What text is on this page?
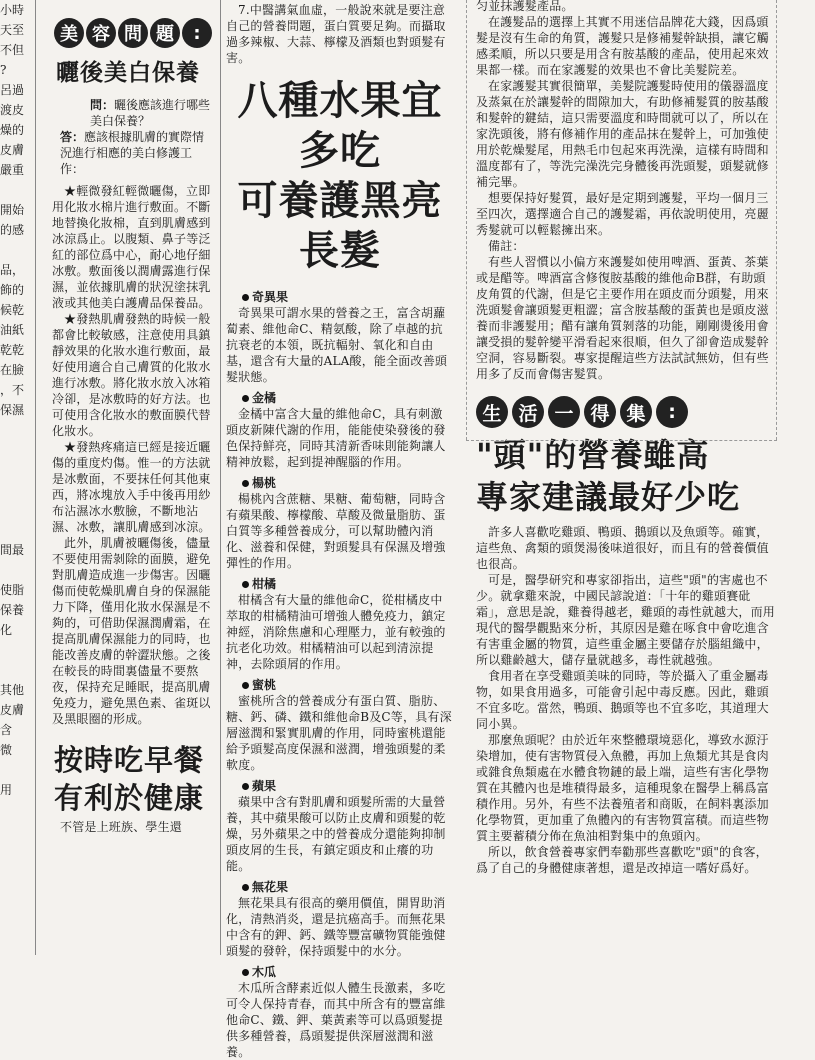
小時
天至
不但
?
呂過
渡皮
燥的
皮膚
嚴重

開始
的感

品，
飾的
候乾
油紙
乾乾
在臉
，不
保濕

間最

使脂
保養
化

其他
皮膚
含
微

用
美 容 問 題	:
曬後美白保養
問：曬後應該進行哪些美白保養？
答：應該根據肌膚的實際情況進行相應的美白修護工作：

★輕微發紅輕微曬傷，立即用化妝水棉片進行敷面。不斷地替換化妝棉，直到肌膚感到冰涼爲止。以腹類、鼻子等泛紅的部位爲中心，耐心地仔細冰敷。敷面後以潤膚露進行保濕，並依據肌膚的狀況塗抹乳液或其他美白護膚品保養品。

★發熱肌膚發熱的時候一般都會比較敏感，注意使用具鎮靜效果的化妝水進行敷面，最好使用適合自己膚質的化妝水進行冰敷。將化妝水放入冰箱冷卻，是冰敷時的好方法。也可使用含化妝水的敷面膜代替化妝水。

★發熱疼痛這已經是接近曬傷的重度灼傷。惟一的方法就是冰敷面，不要抹任何其他東西，將冰塊放入手中後再用紗布沾濕冰水敷臉，不斷地沾濕、冰敷，讓肌膚感到冰涼。

此外，肌膚被曬傷後，儘量不要使用需剝除的面膜，避免對肌膚造成進一步傷害。因曬傷而使乾燥肌膚自身的保濕能力下降，僅用化妝水保濕是不夠的，可借助保濕潤膚霜，在提高肌膚保濕能力的同時，也能改善皮膚的幹澀狀態。之後在較長的時間裏儘量不要熬夜，保持充足睡眠，提高肌膚免疫力，避免黑色素、雀斑以及黑眼圈的形成。

按時吃早餐
有利於健康
不管是上班族、學生還

7.中醫講氣血虛，一般說來就是要注意自己的營養問題，蛋白質要足夠。而攝取過多辣椒、大蒜、檸檬及酒類也對頭髮有害。

八種水果宜多吃
可養護黑亮長髮
奇異果

奇異果可謂水果的營養之王，富含胡蘿蔔素、維他命C、精氨酸，除了卓越的抗抗衰老的本領，既抗輻射、氧化和自由基，還含有大量的ALA酸，能全面改善頭髮狀態。

金橘

金橘中富含大量的維他命C，具有刺激頭皮新陳代謝的作用，能能使染發後的發色保持鮮亮，同時其清新香味則能夠讓人精神放鬆，起到提神醒腦的作用。

楊桃

楊桃內含蔗糖、果糖、葡萄糖，同時含有蘋果酸、檸檬酸、草酸及微量脂肪、蛋白質等多種營養成分，可以幫助體內消化、滋養和保健，對頭髮具有保濕及增強彈性的作用。

柑橘

柑橘含有大量的維他命C，從柑橘皮中萃取的柑橘精油可增強人體免疫力，鎮定神經，消除焦慮和心理壓力，並有較強的抗老化功效。柑橘精油可以起到清涼提神，去除頭屑的作用。

蜜桃

蜜桃所含的營養成分有蛋白質、脂肪、糖、鈣、磷、鐵和維他命B及C等，具有深層滋潤和緊實肌膚的作用，同時蜜桃還能給予頭髮高度保濕和滋潤，增強頭髮的柔軟度。

蘋果

蘋果中含有對肌膚和頭髮所需的大量營養，其中蘋果酸可以防止皮膚和頭髮的乾燥，另外蘋果之中的營養成分還能夠抑制頭皮屑的生長，有鎮定頭皮和止癢的功能。

無花果

無花果具有很高的藥用價值，開胃助消化，清熱消炎，還是抗癌高手。而無花果中含有的鉀、鈣、鐵等豐富礦物質能強健頭髮的發幹，保持頭髮中的水分。

木瓜

木瓜所含酵素近似人體生長激素，多吃可令人保持青春，而其中所含有的豐富維他命C、鐵、鉀、葉黃素等可以爲頭髮提供多種營養，爲頭髮提供深層滋潤和滋養。

匀並抹護髮產品。

在護髮品的選擇上其實不用迷信品牌花大錢，因爲頭髮是沒有生命的角質，護髮只是修補髮幹缺損，讓它觸感柔順，所以只要是用含有胺基酸的產品，使用起來效果都一樣。而在家護髮的效果也不會比美髮院差。

在家護髮其實很簡單，美髮院護髮時使用的儀器溫度及蒸氣在於讓髮幹的間隙加大，有助修補髮質的胺基酸和髮幹的鍵結，這只需要溫度和時間就可以了，所以在家洗頭後，將有修補作用的產品抹在髮幹上，可加強使用於乾燥髮尾，用熱毛巾包起來再洗澡，這樣有時間和溫度都有了，等洗完澡洗完身體後再洗頭髮，頭髮就修補完畢。

想要保持好髮質，最好是定期到護髮，平均一個月三至四次，選擇適合自己的護髮霜，再依說明使用，亮麗秀髮就可以輕鬆擁出來。

備註：

有些人習慣以小偏方來護髮如使用啤酒、蛋黃、茶葉或是醋等。啤酒富含修復胺基酸的維他命B群，有助頭皮角質的代謝，但是它主要作用在頭皮而分頭髮，用來洗頭髮會讓頭髮更粗澀；富含胺基酸的蛋黃也是頭皮滋養而非護髮用；醋有讓角質剝落的功能，剛剛燙後用會讓受損的髮幹變平滑看起來很順，但久了卻會造成髮幹空洞，容易斷裂。專家提醒這些方法試試無妨，但有些用多了反而會傷害髮質。

生 活 一 得 集	:
"頭"的營養雖高
專家建議最好少吃

許多人喜歡吃雞頭、鴨頭、鵝頭以及魚頭等。確實，這些魚、禽類的頭煲湯後味道很好，而且有的營養價值也很高。

可是，醫學研究和專家卻指出，這些"頭"的害處也不少。就拿雞來說，中國民諺說道：「十年的雞頭賽砒霜」，意思是說，雞養得越老，雞頭的毒性就越大，而用現代的醫學觀點來分析，其原因是雞在啄食中會吃進含有害重金屬的物質，這些重金屬主要儲存於腦組織中，所以雞齡越大，儲存量就越多，毒性就越強。

食用者在享受雞頭美味的同時，等於攝入了重金屬毒物，如果食用過多，可能會引起中毒反應。因此，雞頭不宜多吃。當然，鴨頭、鵝頭等也不宜多吃，其道理大同小異。

那麼魚頭呢？由於近年來整體環境惡化，導致水源汙染增加，使有害物質侵入魚體，再加上魚類尤其是食肉或雜食魚類處在水體食物鏈的最上端，這些有害化學物質在其體內也是堆積得最多，這種現象在醫學上稱爲富積作用。另外，有些不法養殖者和商販，在飼料裏添加化學物質，更加重了魚體內的有害物質富積。而這些物質主要蓄積分佈在魚油相對集中的魚頭內。

所以，飲食營養專家們奉勸那些喜歡吃"頭"的食客，爲了自己的身體健康著想，還是改掉這一嗜好爲好。
